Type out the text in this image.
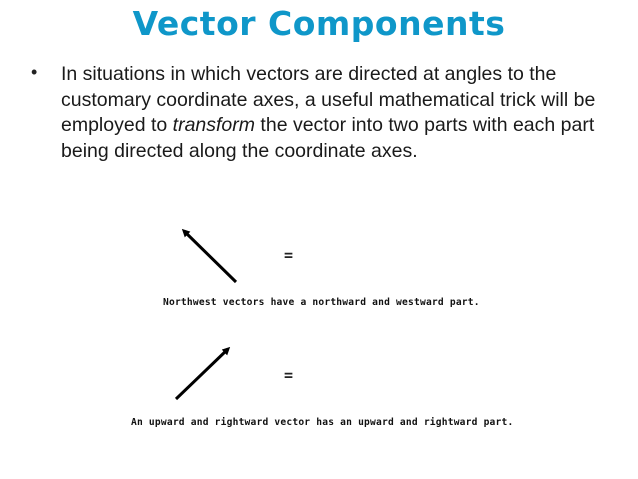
Vector Components
• In situations in which vectors are directed at angles to the customary coordinate axes, a useful mathematical trick will be employed to transform the vector into two parts with each part being directed along the coordinate axes.
=
Northwest vectors have a northward and westward part.
=
An upward and rightward vector has an upward and rightward part.
